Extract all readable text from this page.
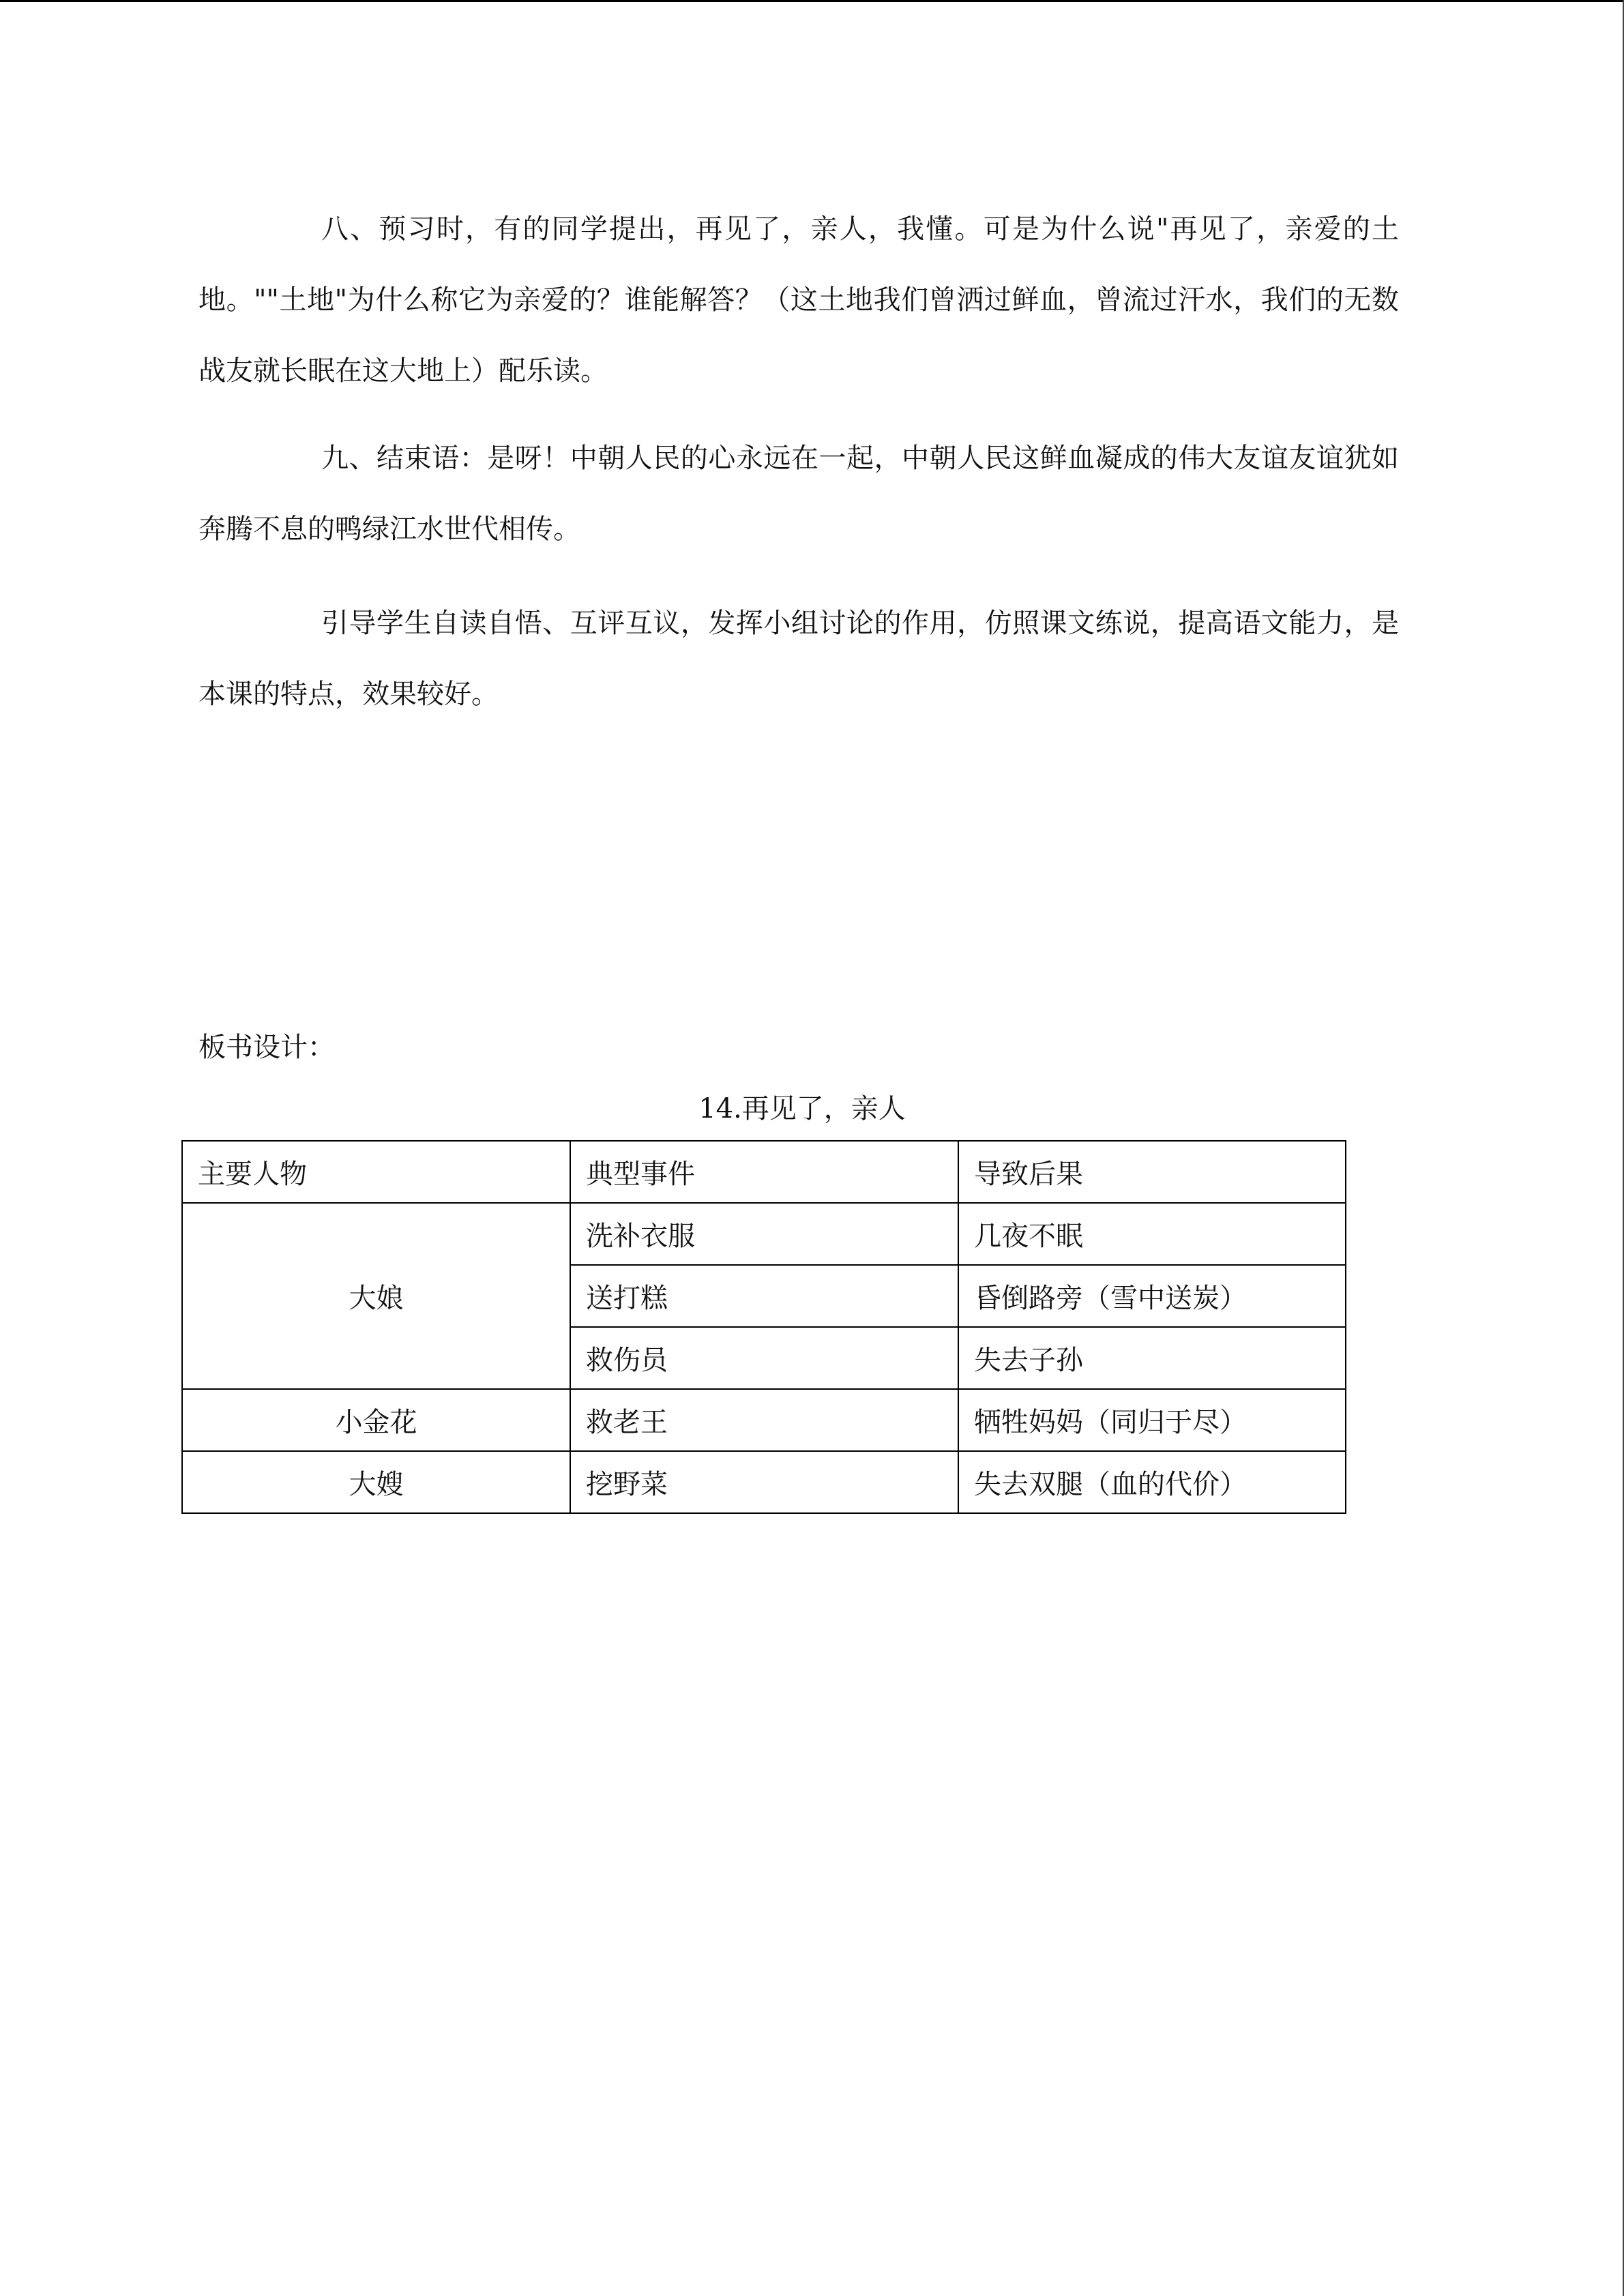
八、预习时，有的同学提出，再见了，亲人，我懂。可是为什么说"再见了，亲爱的土地。""土地"为什么称它为亲爱的？谁能解答？（这土地我们曾洒过鲜血，曾流过汗水，我们的无数战友就长眠在这大地上）配乐读。

九、结束语：是呀！中朝人民的心永远在一起，中朝人民这鲜血凝成的伟大友谊友谊犹如奔腾不息的鸭绿江水世代相传。

引导学生自读自悟、互评互议，发挥小组讨论的作用，仿照课文练说，提高语文能力，是本课的特点，效果较好。

板书设计：

14.再见了，亲人

主要人物	典型事件	导致后果
大娘	洗补衣服	几夜不眠
	送打糕	昏倒路旁（雪中送炭）
	救伤员	失去子孙
小金花	救老王	牺牲妈妈（同归于尽）
大嫂	挖野菜	失去双腿（血的代价）
